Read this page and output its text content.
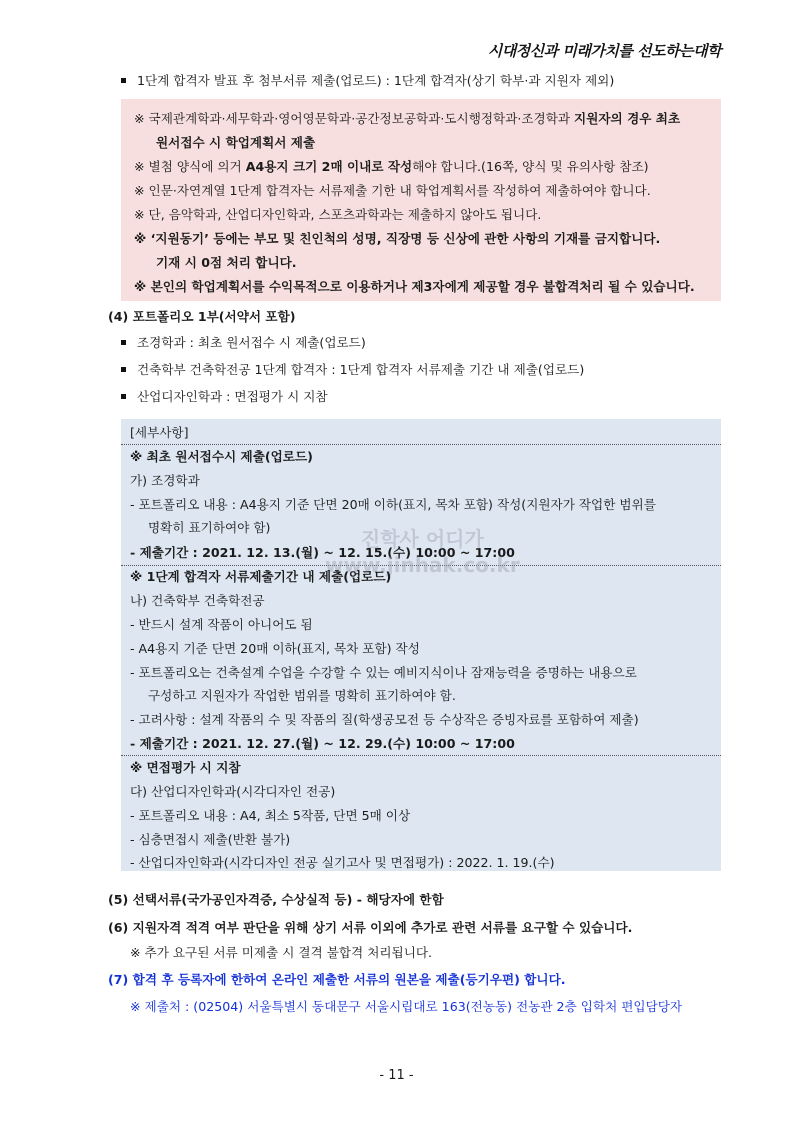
시대정신과 미래가치를 선도하는대학
1단계 합격자 발표 후 첨부서류 제출(업로드) : 1단계 합격자(상기 학부·과 지원자 제외)
※ 국제관계학과·세무학과·영어영문학과·공간정보공학과·도시행정학과·조경학과 지원자의 경우 최초
원서접수 시 학업계획서 제출
※ 별첨 양식에 의거 A4용지 크기 2매 이내로 작성해야 합니다.(16쪽, 양식 및 유의사항 참조)
※ 인문·자연계열 1단계 합격자는 서류제출 기한 내 학업계획서를 작성하여 제출하여야 합니다.
※ 단, 음악학과, 산업디자인학과, 스포츠과학과는 제출하지 않아도 됩니다.
※ ‘지원동기’ 등에는 부모 및 친인척의 성명, 직장명 등 신상에 관한 사항의 기재를 금지합니다.
기재 시 0점 처리 합니다.
※ 본인의 학업계획서를 수익목적으로 이용하거나 제3자에게 제공할 경우 불합격처리 될 수 있습니다.
(4) 포트폴리오 1부(서약서 포함)
조경학과 : 최초 원서접수 시 제출(업로드)
건축학부 건축학전공 1단계 합격자 : 1단계 합격자 서류제출 기간 내 제출(업로드)
산업디자인학과 : 면접평가 시 지참
[세부사항]
※ 최초 원서접수시 제출(업로드)
가) 조경학과
- 포트폴리오 내용 : A4용지 기준 단면 20매 이하(표지, 목차 포함) 작성(지원자가 작업한 범위를
명확히 표기하여야 함)
- 제출기간 : 2021. 12. 13.(월) ~ 12. 15.(수) 10:00 ~ 17:00
진학사 어디가
www.jinhak.co.kr
※ 1단계 합격자 서류제출기간 내 제출(업로드)
나) 건축학부 건축학전공
- 반드시 설계 작품이 아니어도 됨
- A4용지 기준 단면 20매 이하(표지, 목차 포함) 작성
- 포트폴리오는 건축설계 수업을 수강할 수 있는 예비지식이나 잠재능력을 증명하는 내용으로
구성하고 지원자가 작업한 범위를 명확히 표기하여야 함.
- 고려사항 : 설계 작품의 수 및 작품의 질(학생공모전 등 수상작은 증빙자료를 포함하여 제출)
- 제출기간 : 2021. 12. 27.(월) ~ 12. 29.(수) 10:00 ~ 17:00
※ 면접평가 시 지참
다) 산업디자인학과(시각디자인 전공)
- 포트폴리오 내용 : A4, 최소 5작품, 단면 5매 이상
- 심층면접시 제출(반환 불가)
- 산업디자인학과(시각디자인 전공 실기고사 및 면접평가) : 2022. 1. 19.(수)
(5) 선택서류(국가공인자격증, 수상실적 등) - 해당자에 한함
(6) 지원자격 적격 여부 판단을 위해 상기 서류 이외에 추가로 관련 서류를 요구할 수 있습니다.
※ 추가 요구된 서류 미제출 시 결격 불합격 처리됩니다.
(7) 합격 후 등록자에 한하여 온라인 제출한 서류의 원본을 제출(등기우편) 합니다.
※ 제출처 : (02504) 서울특별시 동대문구 서울시립대로 163(전농동) 전농관 2층 입학처 편입담당자
- 11 -
